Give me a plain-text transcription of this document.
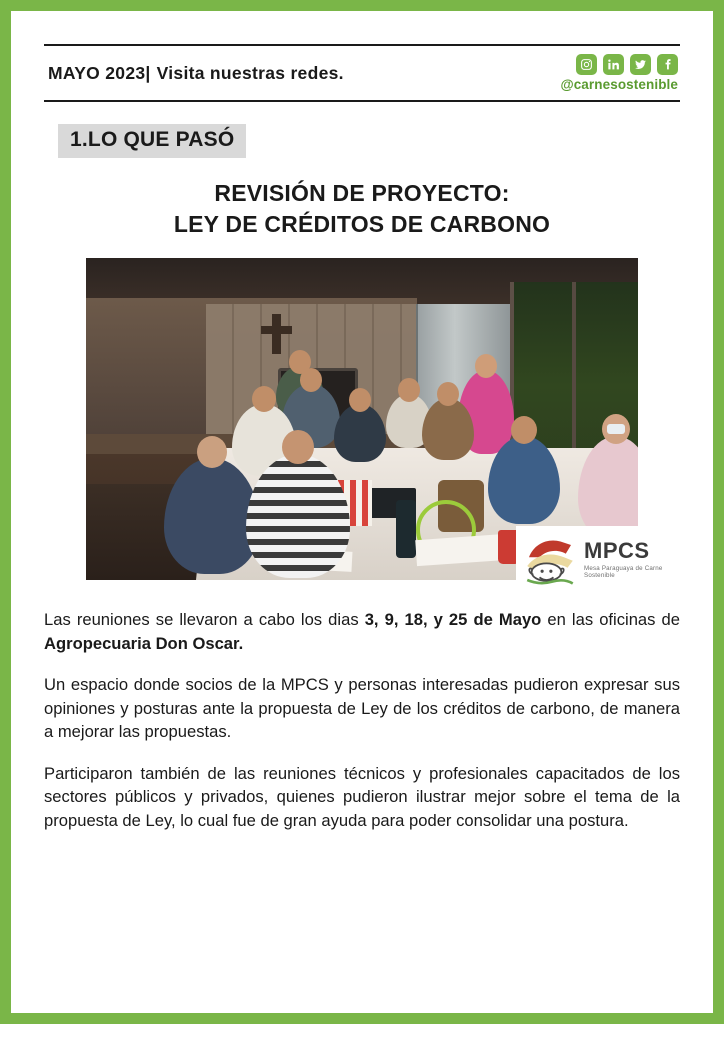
MAYO 2023 | Visita nuestras redes.
@carnesostenible
1.LO QUE PASÓ
REVISIÓN DE PROYECTO:
LEY DE CRÉDITOS DE CARBONO
MPCS
Mesa Paraguaya de Carne Sostenible

Las reuniones se llevaron a cabo los dias 3, 9, 18, y 25 de Mayo en las oficinas de Agropecuaria Don Oscar.

Un espacio donde socios de la MPCS y personas interesadas pudieron expresar sus opiniones y posturas ante la propuesta de Ley de los créditos de carbono, de manera a mejorar las propuestas.

Participaron también de las reuniones técnicos y profesionales capacitados de los sectores públicos y privados, quienes pudieron ilustrar mejor sobre el tema de la propuesta de Ley, lo cual fue de gran ayuda para poder consolidar una postura.
